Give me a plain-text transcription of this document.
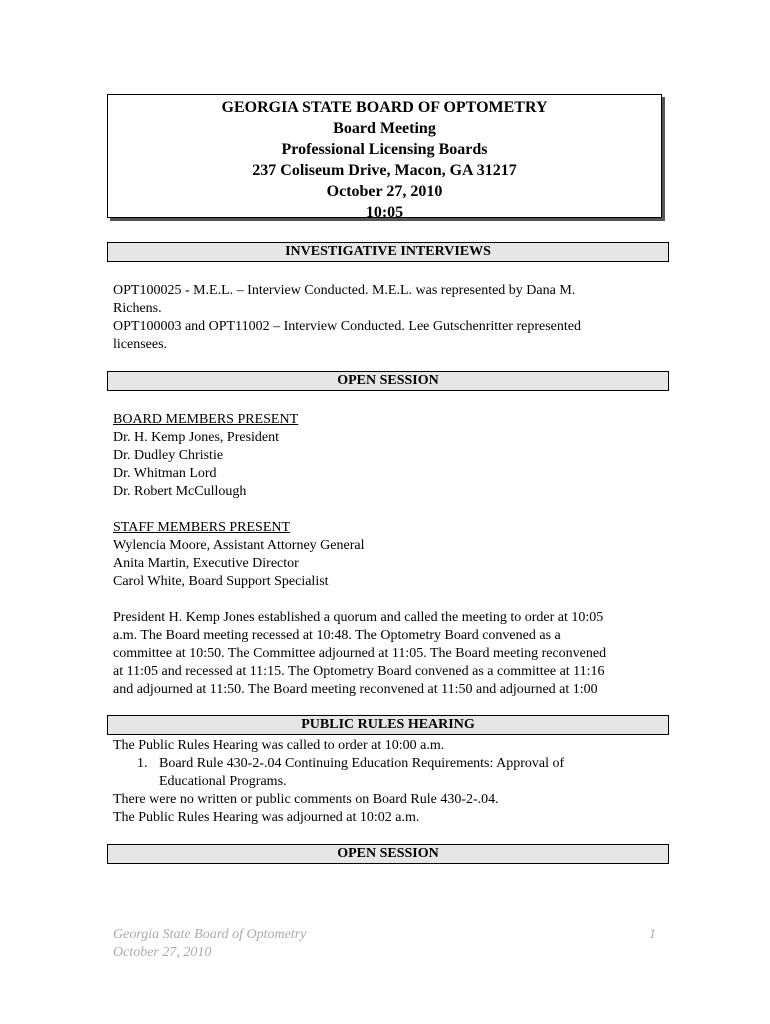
GEORGIA STATE BOARD OF OPTOMETRY
Board Meeting
Professional Licensing Boards
237 Coliseum Drive, Macon, GA 31217
October 27, 2010
10:05
INVESTIGATIVE INTERVIEWS
OPT100025 - M.E.L. – Interview Conducted. M.E.L. was represented by Dana M.
Richens.
OPT100003 and OPT11002 – Interview Conducted. Lee Gutschenritter represented
licensees.
OPEN SESSION
BOARD MEMBERS PRESENT
Dr. H. Kemp Jones, President
Dr. Dudley Christie
Dr. Whitman Lord
Dr. Robert McCullough
STAFF MEMBERS PRESENT
Wylencia Moore, Assistant Attorney General
Anita Martin, Executive Director
Carol White, Board Support Specialist
President H. Kemp Jones established a quorum and called the meeting to order at 10:05
a.m. The Board meeting recessed at 10:48. The Optometry Board convened as a
committee at 10:50. The Committee adjourned at 11:05. The Board meeting reconvened
at 11:05 and recessed at 11:15. The Optometry Board convened as a committee at 11:16
and adjourned at 11:50. The Board meeting reconvened at 11:50 and adjourned at 1:00
PUBLIC RULES HEARING
The Public Rules Hearing was called to order at 10:00 a.m.
1. Board Rule 430-2-.04 Continuing Education Requirements: Approval of
Educational Programs.
There were no written or public comments on Board Rule 430-2-.04.
The Public Rules Hearing was adjourned at 10:02 a.m.
OPEN SESSION
Georgia State Board of Optometry
October 27, 2010
1
